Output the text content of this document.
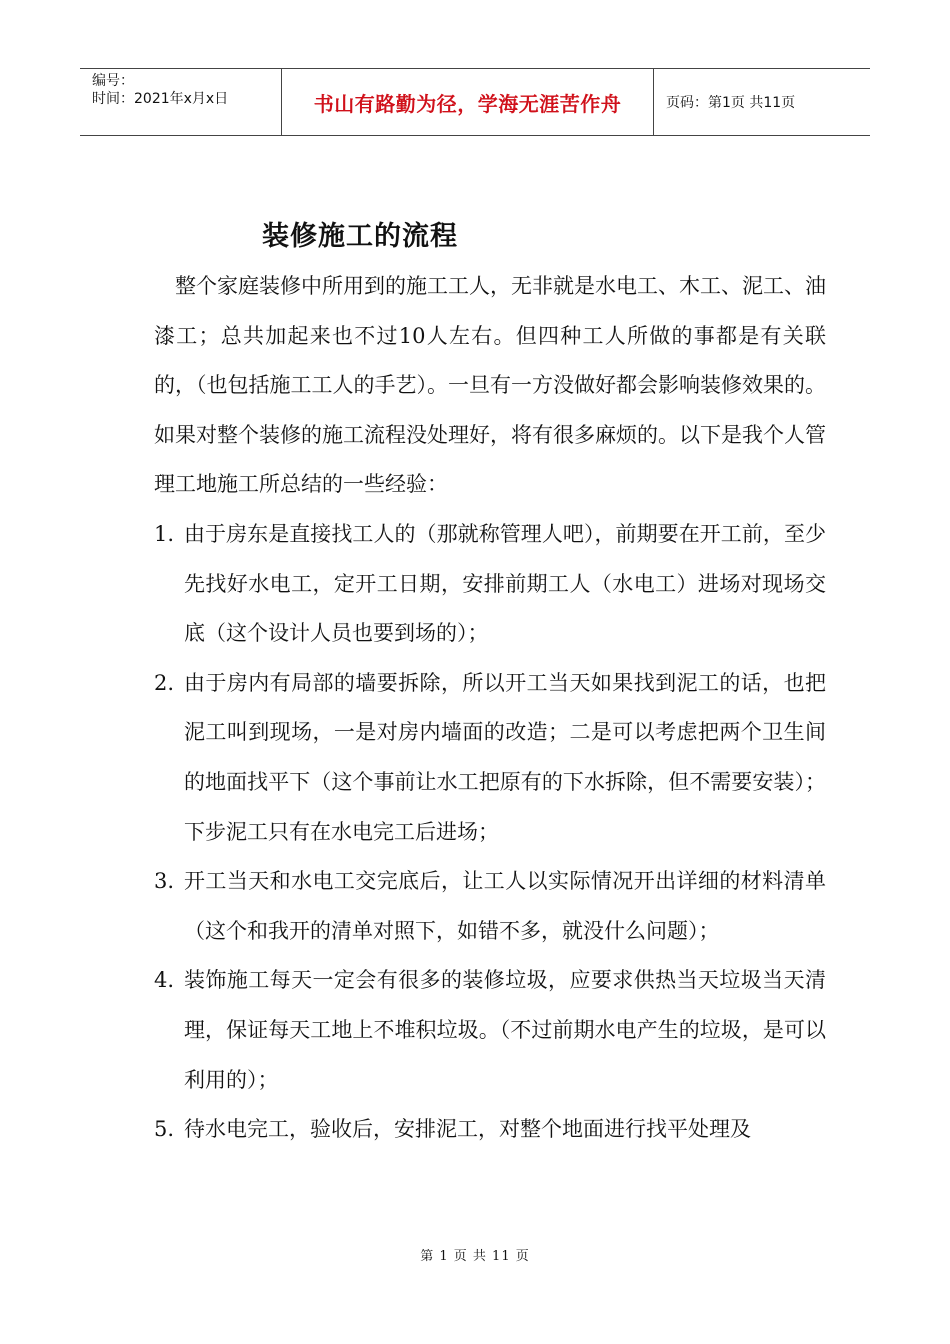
编号：
时间：2021年x月x日	书山有路勤为径，学海无涯苦作舟	页码：第1页 共11页
装修施工的流程

整个家庭装修中所用到的施工工人，无非就是水电工、木工、泥工、油漆工；总共加起来也不过10人左右。但四种工人所做的事都是有关联的，（也包括施工工人的手艺）。一旦有一方没做好都会影响装修效果的。如果对整个装修的施工流程没处理好，将有很多麻烦的。以下是我个人管理工地施工所总结的一些经验：

1. 由于房东是直接找工人的（那就称管理人吧），前期要在开工前，至少先找好水电工，定开工日期，安排前期工人（水电工）进场对现场交底（这个设计人员也要到场的）；
2. 由于房内有局部的墙要拆除，所以开工当天如果找到泥工的话，也把泥工叫到现场，一是对房内墙面的改造；二是可以考虑把两个卫生间的地面找平下（这个事前让水工把原有的下水拆除，但不需要安装）；下步泥工只有在水电完工后进场；
3. 开工当天和水电工交完底后，让工人以实际情况开出详细的材料清单（这个和我开的清单对照下，如错不多，就没什么问题）；
4. 装饰施工每天一定会有很多的装修垃圾，应要求供热当天垃圾当天清理，保证每天工地上不堆积垃圾。（不过前期水电产生的垃圾，是可以利用的）；
5. 待水电完工，验收后，安排泥工，对整个地面进行找平处理及
第 1 页 共 11 页
